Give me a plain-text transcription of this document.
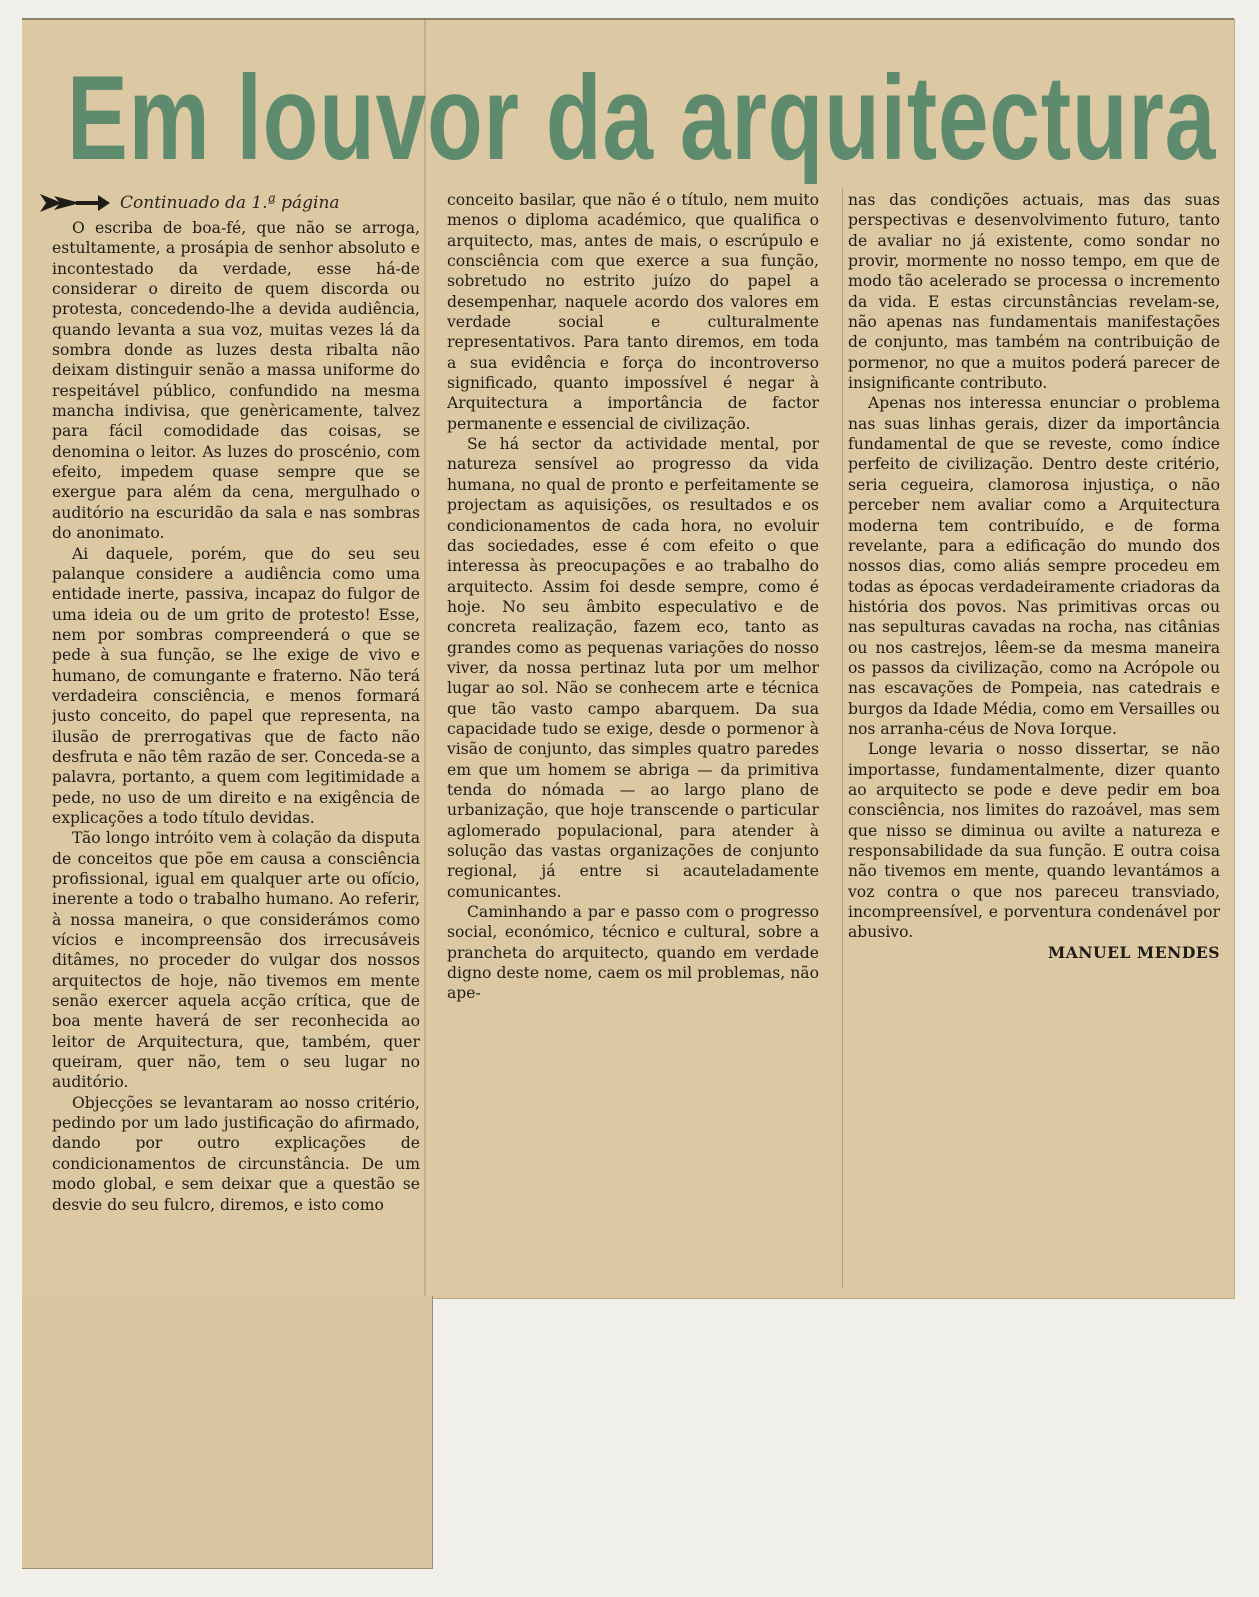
Em louvor da arquitectura
Continuado da 1.ª página

O escriba de boa-fé, que não se arroga, estultamente, a prosápia de senhor absoluto e incontestado da verdade, esse há-de considerar o direito de quem discorda ou protesta, concedendo-lhe a devida audiência, quando levanta a sua voz, muitas vezes lá da sombra donde as luzes desta ribalta não deixam distinguir senão a massa uniforme do respeitável público, confundido na mesma mancha indivisa, que genèricamente, talvez para fácil comodidade das coisas, se denomina o leitor. As luzes do proscénio, com efeito, impedem quase sempre que se exergue para além da cena, mergulhado o auditório na escuridão da sala e nas sombras do anonimato.

Ai daquele, porém, que do seu seu palanque considere a audiência como uma entidade inerte, passiva, incapaz do fulgor de uma ideia ou de um grito de protesto! Esse, nem por sombras compreenderá o que se pede à sua função, se lhe exige de vivo e humano, de comungante e fraterno. Não terá verdadeira consciência, e menos formará justo conceito, do papel que representa, na ilusão de prerrogativas que de facto não desfruta e não têm razão de ser. Conceda-se a palavra, portanto, a quem com legitimidade a pede, no uso de um direito e na exigência de explicações a todo título devidas.

Tão longo intróito vem à colação da disputa de conceitos que põe em causa a consciência profissional, igual em qualquer arte ou ofício, inerente a todo o trabalho humano. Ao referir, à nossa maneira, o que considerámos como vícios e incompreensão dos irrecusáveis ditâmes, no proceder do vulgar dos nossos arquitectos de hoje, não tivemos em mente senão exercer aquela acção crítica, que de boa mente haverá de ser reconhecida ao leitor de Arquitectura, que, também, quer queiram, quer não, tem o seu lugar no auditório.

Objecções se levantaram ao nosso critério, pedindo por um lado justificação do afirmado, dando por outro explicações de condicionamentos de circunstância. De um modo global, e sem deixar que a questão se desvie do seu fulcro, diremos, e isto como

conceito basilar, que não é o título, nem muito menos o diploma académico, que qualifica o arquitecto, mas, antes de mais, o escrúpulo e consciência com que exerce a sua função, sobretudo no estrito juízo do papel a desempenhar, naquele acordo dos valores em verdade social e culturalmente representativos. Para tanto diremos, em toda a sua evidência e força do incontroverso significado, quanto impossível é negar à Arquitectura a importância de factor permanente e essencial de civilização.

Se há sector da actividade mental, por natureza sensível ao progresso da vida humana, no qual de pronto e perfeitamente se projectam as aquisições, os resultados e os condicionamentos de cada hora, no evoluir das sociedades, esse é com efeito o que interessa às preocupações e ao trabalho do arquitecto. Assim foi desde sempre, como é hoje. No seu âmbito especulativo e de concreta realização, fazem eco, tanto as grandes como as pequenas variações do nosso viver, da nossa pertinaz luta por um melhor lugar ao sol. Não se conhecem arte e técnica que tão vasto campo abarquem. Da sua capacidade tudo se exige, desde o pormenor à visão de conjunto, das simples quatro paredes em que um homem se abriga — da primitiva tenda do nómada — ao largo plano de urbanização, que hoje transcende o particular aglomerado populacional, para atender à solução das vastas organizações de conjunto regional, já entre si acauteladamente comunicantes.

Caminhando a par e passo com o progresso social, económico, técnico e cultural, sobre a prancheta do arquitecto, quando em verdade digno deste nome, caem os mil problemas, não ape-

nas das condições actuais, mas das suas perspectivas e desenvolvimento futuro, tanto de avaliar no já existente, como sondar no provir, mormente no nosso tempo, em que de modo tão acelerado se processa o incremento da vida. E estas circunstâncias revelam-se, não apenas nas fundamentais manifestações de conjunto, mas também na contribuição de pormenor, no que a muitos poderá parecer de insignificante contributo.

Apenas nos interessa enunciar o problema nas suas linhas gerais, dizer da importância fundamental de que se reveste, como índice perfeito de civilização. Dentro deste critério, seria cegueira, clamorosa injustiça, o não perceber nem avaliar como a Arquitectura moderna tem contribuído, e de forma revelante, para a edificação do mundo dos nossos dias, como aliás sempre procedeu em todas as épocas verdadeiramente criadoras da história dos povos. Nas primitivas orcas ou nas sepulturas cavadas na rocha, nas citânias ou nos castrejos, lêem-se da mesma maneira os passos da civilização, como na Acrópole ou nas escavações de Pompeia, nas catedrais e burgos da Idade Média, como em Versailles ou nos arranha-céus de Nova Iorque.

Longe levaria o nosso dissertar, se não importasse, fundamentalmente, dizer quanto ao arquitecto se pode e deve pedir em boa consciência, nos limites do razoável, mas sem que nisso se diminua ou avilte a natureza e responsabilidade da sua função. E outra coisa não tivemos em mente, quando levantámos a voz contra o que nos pareceu transviado, incompreensível, e porventura condenável por abusivo.

MANUEL MENDES
